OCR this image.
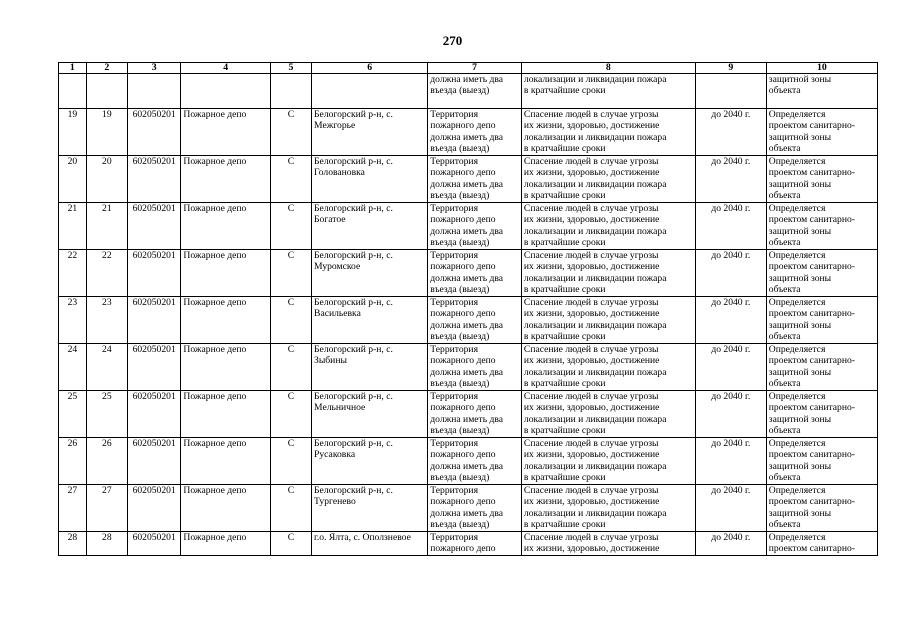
270
1	2	3	4	5	6	7	8	9	10
						должна иметь два
въезда (выезд)	локализации и ликвидации пожара
в кратчайшие сроки		защитной зоны
объекта
19	19	602050201	Пожарное депо	С	Белогорский р-н, с.
Межгорье	Территория
пожарного депо
должна иметь два
въезда (выезд)	Спасение людей в случае угрозы
их жизни, здоровью, достижение
локализации и ликвидации пожара
в кратчайшие сроки	до 2040 г.	Определяется
проектом санитарно-
защитной зоны
объекта
20	20	602050201	Пожарное депо	С	Белогорский р-н, с.
Головановка	Территория
пожарного депо
должна иметь два
въезда (выезд)	Спасение людей в случае угрозы
их жизни, здоровью, достижение
локализации и ликвидации пожара
в кратчайшие сроки	до 2040 г.	Определяется
проектом санитарно-
защитной зоны
объекта
21	21	602050201	Пожарное депо	С	Белогорский р-н, с.
Богатое	Территория
пожарного депо
должна иметь два
въезда (выезд)	Спасение людей в случае угрозы
их жизни, здоровью, достижение
локализации и ликвидации пожара
в кратчайшие сроки	до 2040 г.	Определяется
проектом санитарно-
защитной зоны
объекта
22	22	602050201	Пожарное депо	С	Белогорский р-н, с.
Муромское	Территория
пожарного депо
должна иметь два
въезда (выезд)	Спасение людей в случае угрозы
их жизни, здоровью, достижение
локализации и ликвидации пожара
в кратчайшие сроки	до 2040 г.	Определяется
проектом санитарно-
защитной зоны
объекта
23	23	602050201	Пожарное депо	С	Белогорский р-н, с.
Васильевка	Территория
пожарного депо
должна иметь два
въезда (выезд)	Спасение людей в случае угрозы
их жизни, здоровью, достижение
локализации и ликвидации пожара
в кратчайшие сроки	до 2040 г.	Определяется
проектом санитарно-
защитной зоны
объекта
24	24	602050201	Пожарное депо	С	Белогорский р-н, с.
Зыбины	Территория
пожарного депо
должна иметь два
въезда (выезд)	Спасение людей в случае угрозы
их жизни, здоровью, достижение
локализации и ликвидации пожара
в кратчайшие сроки	до 2040 г.	Определяется
проектом санитарно-
защитной зоны
объекта
25	25	602050201	Пожарное депо	С	Белогорский р-н, с.
Мельничное	Территория
пожарного депо
должна иметь два
въезда (выезд)	Спасение людей в случае угрозы
их жизни, здоровью, достижение
локализации и ликвидации пожара
в кратчайшие сроки	до 2040 г.	Определяется
проектом санитарно-
защитной зоны
объекта
26	26	602050201	Пожарное депо	С	Белогорский р-н, с.
Русаковка	Территория
пожарного депо
должна иметь два
въезда (выезд)	Спасение людей в случае угрозы
их жизни, здоровью, достижение
локализации и ликвидации пожара
в кратчайшие сроки	до 2040 г.	Определяется
проектом санитарно-
защитной зоны
объекта
27	27	602050201	Пожарное депо	С	Белогорский р-н, с.
Тургенево	Территория
пожарного депо
должна иметь два
въезда (выезд)	Спасение людей в случае угрозы
их жизни, здоровью, достижение
локализации и ликвидации пожара
в кратчайшие сроки	до 2040 г.	Определяется
проектом санитарно-
защитной зоны
объекта
28	28	602050201	Пожарное депо	С	г.о. Ялта, с. Оползневое	Территория
пожарного депо	Спасение людей в случае угрозы
их жизни, здоровью, достижение	до 2040 г.	Определяется
проектом санитарно-
